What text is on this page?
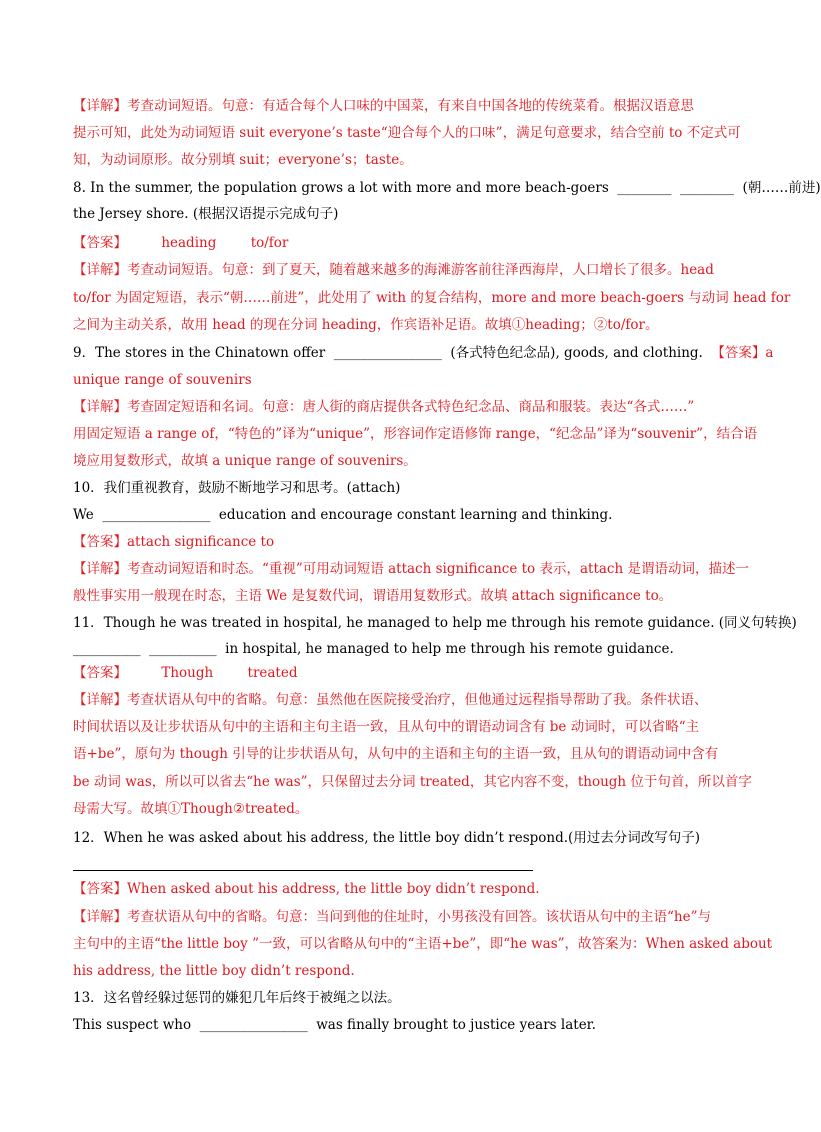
【详解】考查动词短语。句意：有适合每个人口味的中国菜，有来自中国各地的传统菜肴。根据汉语意思
提示可知，此处为动词短语 suit everyone’s taste“迎合每个人的口味”，满足句意要求，结合空前 to 不定式可
知，为动词原形。故分别填 suit；everyone’s；taste。
8. In the summer, the population grows a lot with more and more beach-goers  ________  ________  (朝……前进)
the Jersey shore. (根据汉语提示完成句子)
【答案】        heading        to/for
【详解】考查动词短语。句意：到了夏天，随着越来越多的海滩游客前往泽西海岸，人口增长了很多。head
to/for 为固定短语，表示“朝……前进”，此处用了 with 的复合结构，more and more beach-goers 与动词 head for
之间为主动关系，故用 head 的现在分词 heading，作宾语补足语。故填①heading；②to/for。
9．The stores in the Chinatown offer  ________________  (各式特色纪念品), goods, and clothing.  【答案】a
unique range of souvenirs
【详解】考查固定短语和名词。句意：唐人街的商店提供各式特色纪念品、商品和服装。表达“各式……”
用固定短语 a range of，“特色的”译为“unique”，形容词作定语修饰 range，“纪念品”译为“souvenir”，结合语
境应用复数形式，故填 a unique range of souvenirs。
10．我们重视教育，鼓励不断地学习和思考。(attach)
We  ________________  education and encourage constant learning and thinking.
【答案】attach significance to
【详解】考查动词短语和时态。“重视”可用动词短语 attach significance to 表示，attach 是谓语动词，描述一
般性事实用一般现在时态，主语 We 是复数代词，谓语用复数形式。故填 attach significance to。
11．Though he was treated in hospital, he managed to help me through his remote guidance. (同义句转换)
__________  __________  in hospital, he managed to help me through his remote guidance.
【答案】        Though        treated
【详解】考查状语从句中的省略。句意：虽然他在医院接受治疗，但他通过远程指导帮助了我。条件状语、
时间状语以及让步状语从句中的主语和主句主语一致，且从句中的谓语动词含有 be 动词时，可以省略“主
语+be”，原句为 though 引导的让步状语从句，从句中的主语和主句的主语一致，且从句的谓语动词中含有
be 动词 was，所以可以省去“he was”，只保留过去分词 treated，其它内容不变，though 位于句首，所以首字
母需大写。故填①Though②treated。
12．When he was asked about his address, the little boy didn’t respond.(用过去分词改写句子)
【答案】When asked about his address, the little boy didn’t respond.
【详解】考查状语从句中的省略。句意：当问到他的住址时，小男孩没有回答。该状语从句中的主语“he”与
主句中的主语“the little boy ”一致，可以省略从句中的“主语+be”，即“he was”，故答案为：When asked about
his address, the little boy didn’t respond.
13．这名曾经躲过惩罚的嫌犯几年后终于被绳之以法。
This suspect who  ________________  was finally brought to justice years later.
